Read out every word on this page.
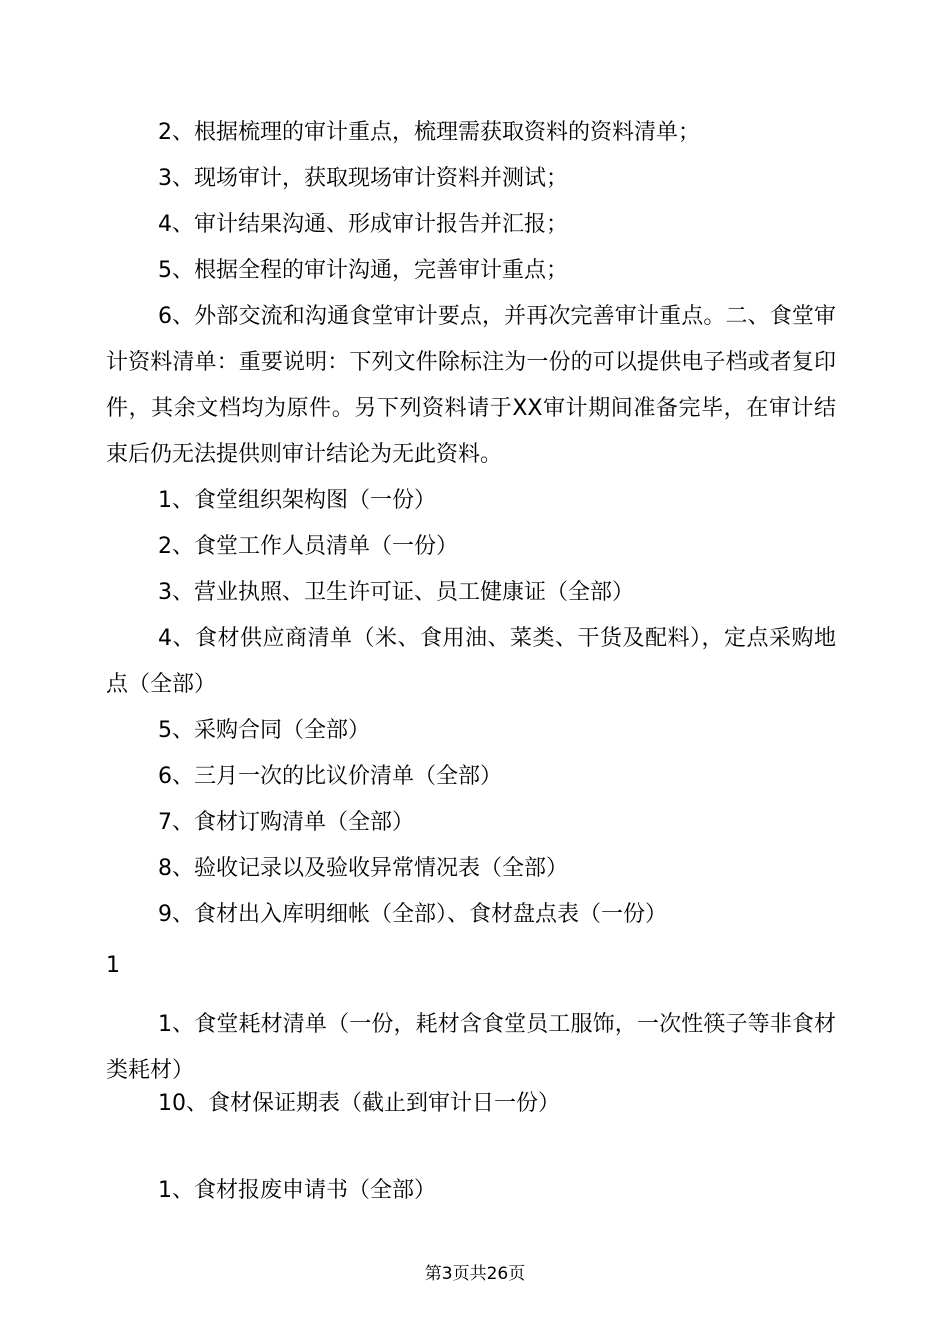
2、根据梳理的审计重点，梳理需获取资料的资料清单；

3、现场审计，获取现场审计资料并测试；

4、审计结果沟通、形成审计报告并汇报；

5、根据全程的审计沟通，完善审计重点；

6、外部交流和沟通食堂审计要点，并再次完善审计重点。二、食堂审计资料清单：重要说明：下列文件除标注为一份的可以提供电子档或者复印件，其余文档均为原件。另下列资料请于XX审计期间准备完毕，在审计结束后仍无法提供则审计结论为无此资料。

1、食堂组织架构图（一份）

2、食堂工作人员清单（一份）

3、营业执照、卫生许可证、员工健康证（全部）

4、食材供应商清单（米、食用油、菜类、干货及配料），定点采购地点（全部）

5、采购合同（全部）

6、三月一次的比议价清单（全部）

7、食材订购清单（全部）

8、验收记录以及验收异常情况表（全部）

9、食材出入库明细帐（全部）、食材盘点表（一份）

1

1、食堂耗材清单（一份，耗材含食堂员工服饰，一次性筷子等非食材类耗材）

10、食材保证期表（截止到审计日一份）

1、食材报废申请书（全部）

第3页共26页
